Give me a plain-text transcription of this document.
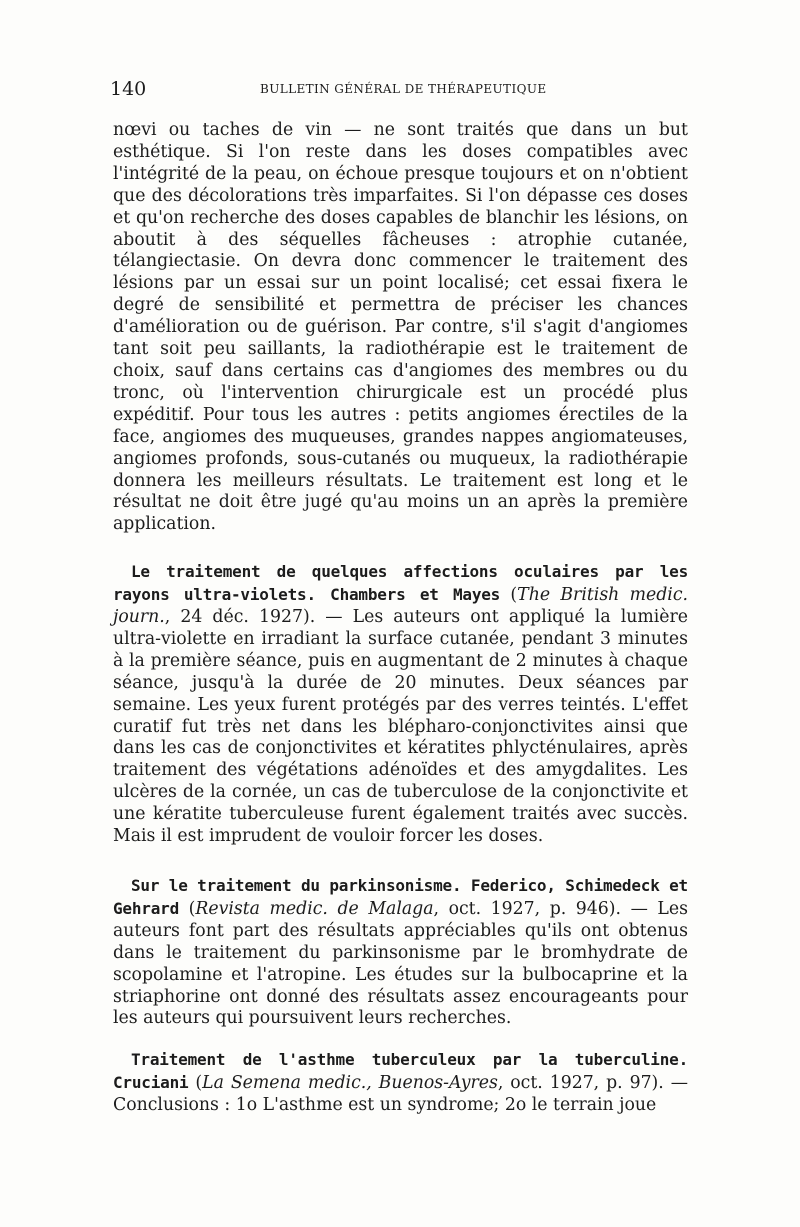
140	BULLETIN GÉNÉRAL DE THÉRAPEUTIQUE

nœvi ou taches de vin — ne sont traités que dans un but esthétique. Si l'on reste dans les doses compatibles avec l'intégrité de la peau, on échoue presque toujours et on n'obtient que des décolorations très imparfaites. Si l'on dépasse ces doses et qu'on recherche des doses capables de blanchir les lésions, on aboutit à des séquelles fâcheuses : atrophie cutanée, télangiectasie. On devra donc commencer le traitement des lésions par un essai sur un point localisé; cet essai fixera le degré de sensibilité et permettra de préciser les chances d'amélioration ou de guérison. Par contre, s'il s'agit d'angiomes tant soit peu saillants, la radiothérapie est le traitement de choix, sauf dans certains cas d'angiomes des membres ou du tronc, où l'intervention chirurgicale est un procédé plus expéditif. Pour tous les autres : petits angiomes érectiles de la face, angiomes des muqueuses, grandes nappes angiomateuses, angiomes profonds, sous-cutanés ou muqueux, la radiothérapie donnera les meilleurs résultats. Le traitement est long et le résultat ne doit être jugé qu'au moins un an après la première application.

Le traitement de quelques affections oculaires par les rayons ultra-violets. Chambers et Mayes (The British medic. journ., 24 déc. 1927). — Les auteurs ont appliqué la lumière ultra-violette en irradiant la surface cutanée, pendant 3 minutes à la première séance, puis en augmentant de 2 minutes à chaque séance, jusqu'à la durée de 20 minutes. Deux séances par semaine. Les yeux furent protégés par des verres teintés. L'effet curatif fut très net dans les blépharo-conjonctivites ainsi que dans les cas de conjonctivites et kératites phlycténulaires, après traitement des végétations adénoïdes et des amygdalites. Les ulcères de la cornée, un cas de tuberculose de la conjonctivite et une kératite tuberculeuse furent également traités avec succès. Mais il est imprudent de vouloir forcer les doses.

Sur le traitement du parkinsonisme. Federico, Schimedeck et Gehrard (Revista medic. de Malaga, oct. 1927, p. 946). — Les auteurs font part des résultats appréciables qu'ils ont obtenus dans le traitement du parkinsonisme par le bromhydrate de scopolamine et l'atropine. Les études sur la bulbocaprine et la striaphorine ont donné des résultats assez encourageants pour les auteurs qui poursuivent leurs recherches.

Traitement de l'asthme tuberculeux par la tuberculine. Cruciani (La Semena medic., Buenos-Ayres, oct. 1927, p. 97). — Conclusions : 1o L'asthme est un syndrome; 2o le terrain joue
